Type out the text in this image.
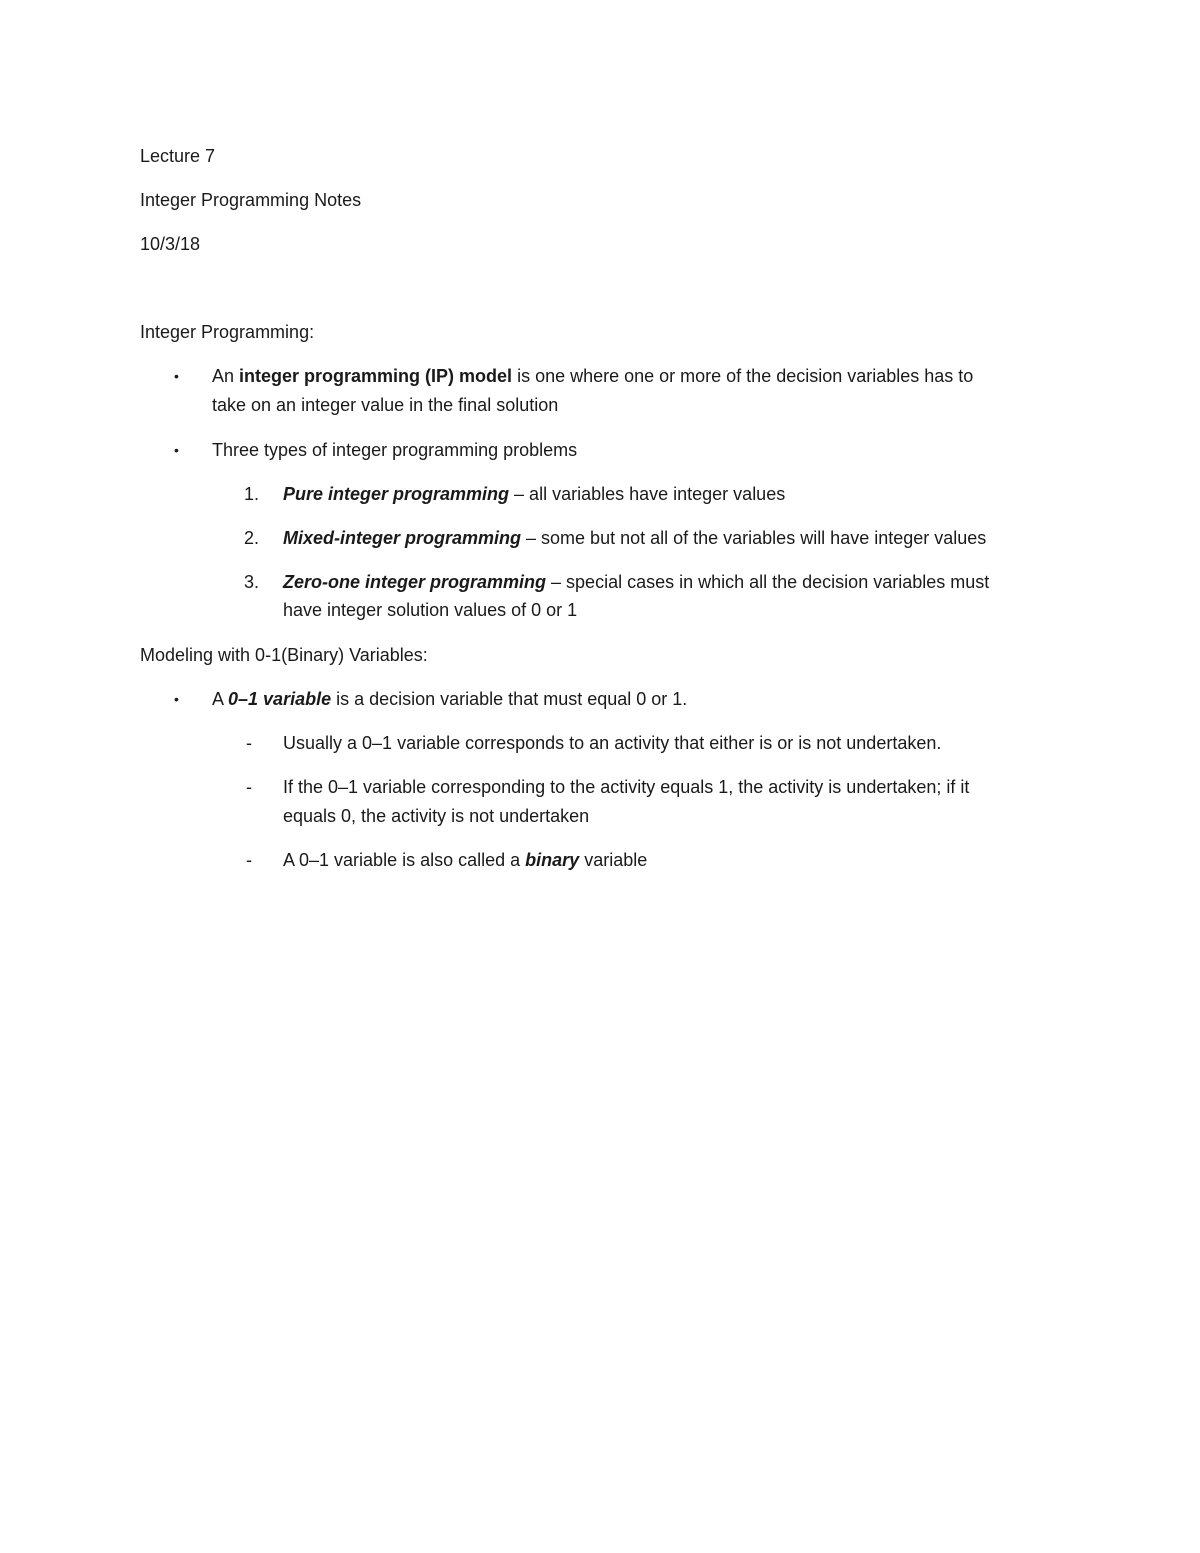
Lecture 7
Integer Programming Notes
10/3/18
Integer Programming:
• An integer programming (IP) model is one where one or more of the decision variables has to
take on an integer value in the final solution
• Three types of integer programming problems
1. Pure integer programming – all variables have integer values
2. Mixed-integer programming – some but not all of the variables will have integer values
3. Zero-one integer programming – special cases in which all the decision variables must
have integer solution values of 0 or 1
Modeling with 0-1(Binary) Variables:
• A 0–1 variable is a decision variable that must equal 0 or 1.
- Usually a 0–1 variable corresponds to an activity that either is or is not undertaken.
- If the 0–1 variable corresponding to the activity equals 1, the activity is undertaken; if it
equals 0, the activity is not undertaken
- A 0–1 variable is also called a binary variable
